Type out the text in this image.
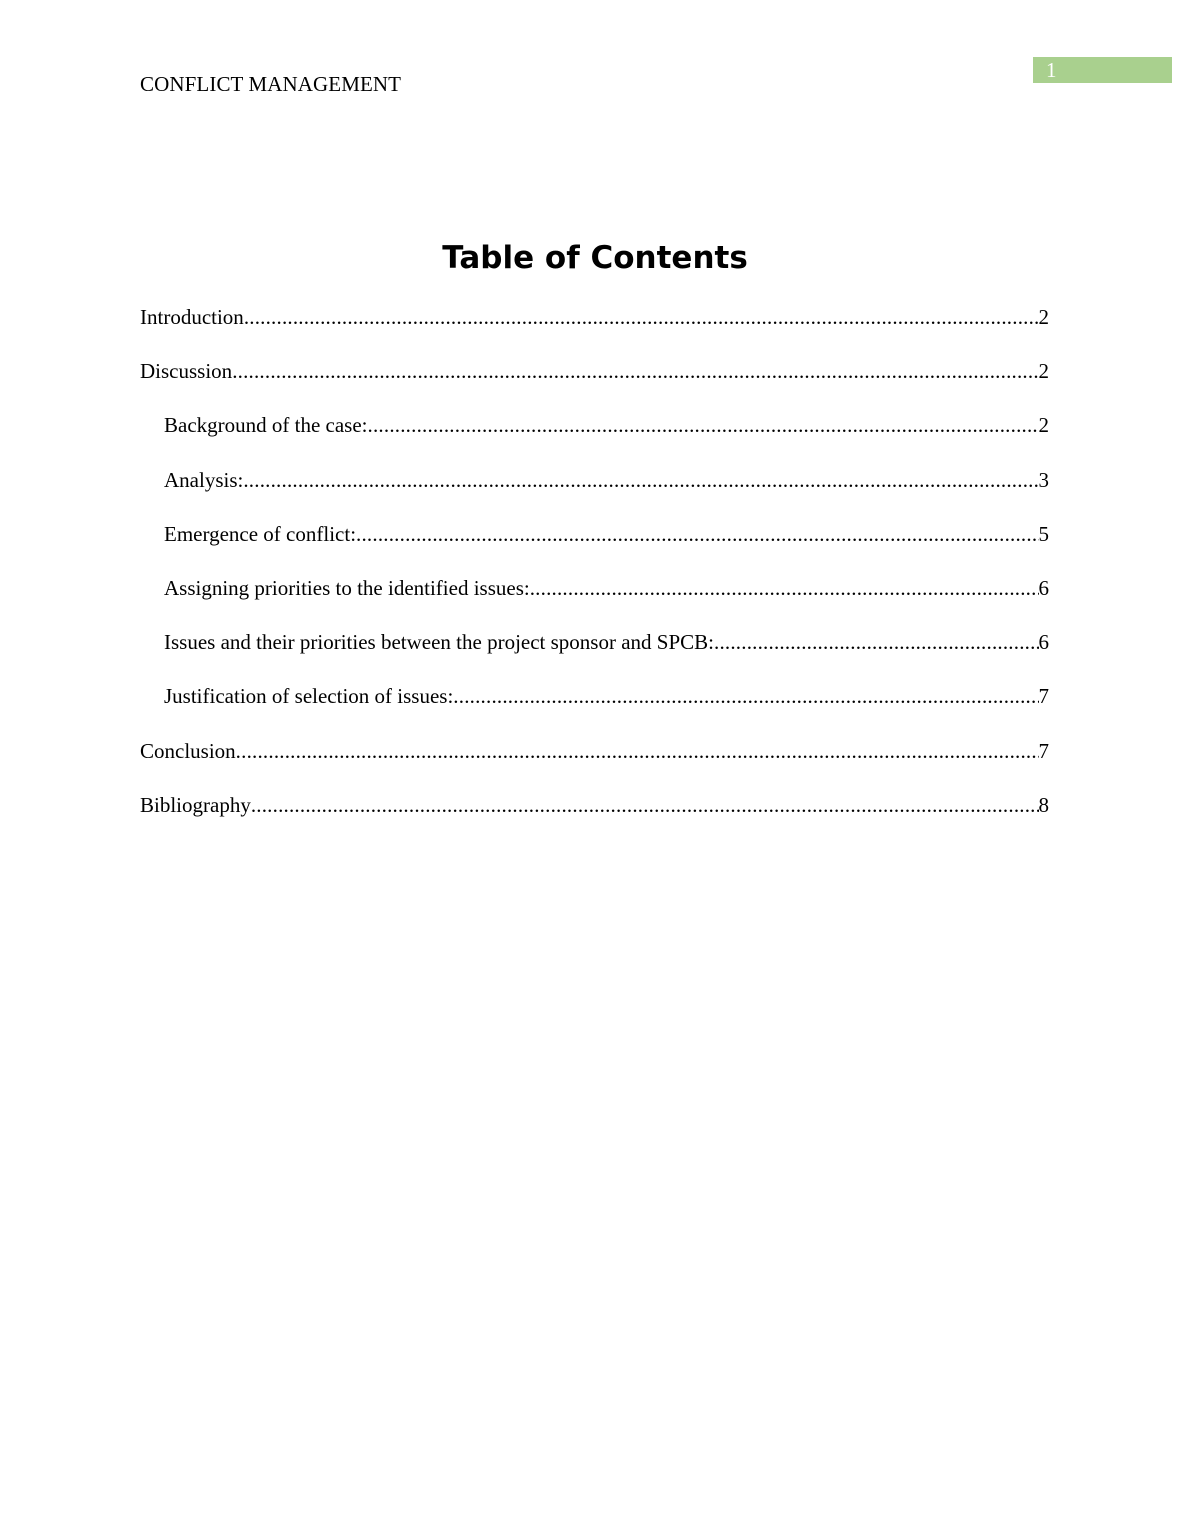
CONFLICT MANAGEMENT
1
Table of Contents
Introduction .....	2
Discussion .....	2
Background of the case: .....	2
Analysis: .....	3
Emergence of conflict: .....	5
Assigning priorities to the identified issues: .....	6
Issues and their priorities between the project sponsor and SPCB: .....	6
Justification of selection of issues: .....	7
Conclusion .....	7
Bibliography .....	8
